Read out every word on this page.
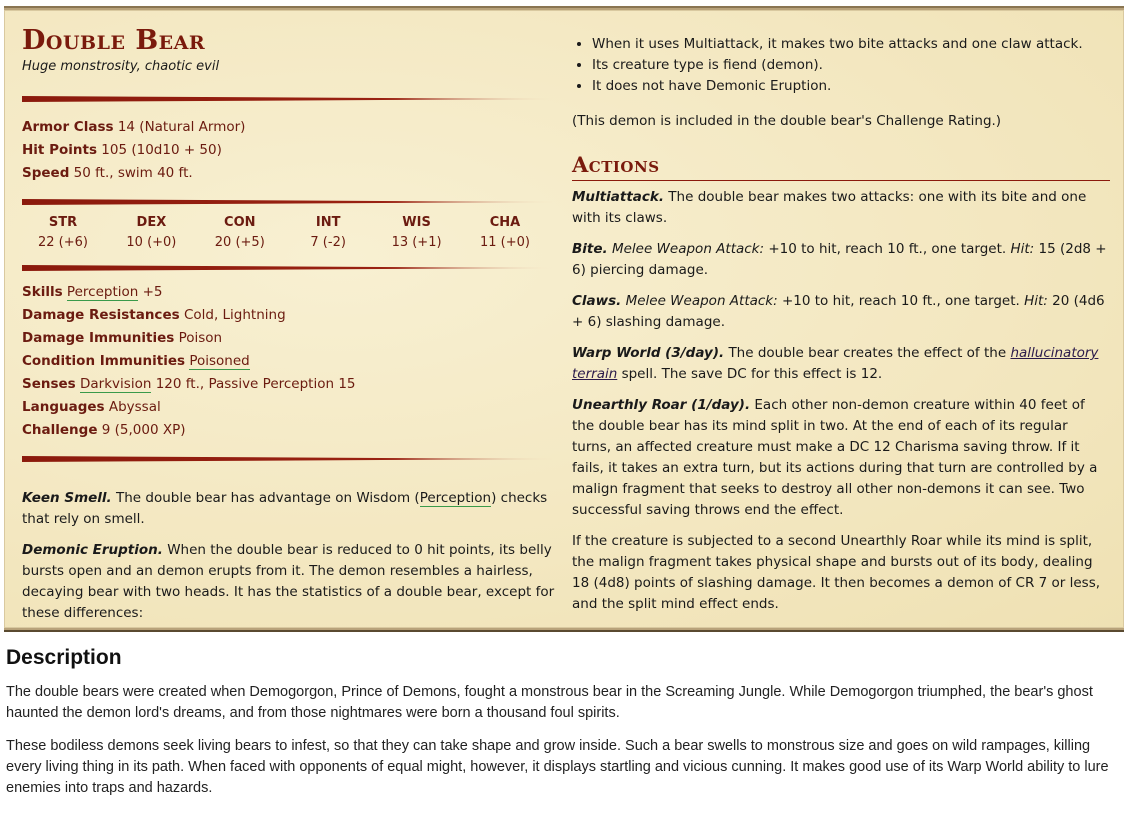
Double Bear
Huge monstrosity, chaotic evil
Armor Class 14 (Natural Armor)
Hit Points 105 (10d10 + 50)
Speed 50 ft., swim 40 ft.
STR
22 (+6)
DEX
10 (+0)
CON
20 (+5)
INT
7 (-2)
WIS
13 (+1)
CHA
11 (+0)
Skills Perception +5
Damage Resistances Cold, Lightning
Damage Immunities Poison
Condition Immunities Poisoned
Senses Darkvision 120 ft., Passive Perception 15
Languages Abyssal
Challenge 9 (5,000 XP)

Keen Smell. The double bear has advantage on Wisdom (Perception) checks that rely on smell.

Demonic Eruption. When the double bear is reduced to 0 hit points, its belly bursts open and an demon erupts from it. The demon resembles a hairless, decaying bear with two heads. It has the statistics of a double bear, except for these differences:

• When it uses Multiattack, it makes two bite attacks and one claw attack.
• Its creature type is fiend (demon).
• It does not have Demonic Eruption.

(This demon is included in the double bear's Challenge Rating.)

Actions

Multiattack. The double bear makes two attacks: one with its bite and one with its claws.

Bite. Melee Weapon Attack: +10 to hit, reach 10 ft., one target. Hit: 15 (2d8 + 6) piercing damage.

Claws. Melee Weapon Attack: +10 to hit, reach 10 ft., one target. Hit: 20 (4d6 + 6) slashing damage.

Warp World (3/day). The double bear creates the effect of the hallucinatory terrain spell. The save DC for this effect is 12.

Unearthly Roar (1/day). Each other non-demon creature within 40 feet of the double bear has its mind split in two. At the end of each of its regular turns, an affected creature must make a DC 12 Charisma saving throw. If it fails, it takes an extra turn, but its actions during that turn are controlled by a malign fragment that seeks to destroy all other non-demons it can see. Two successful saving throws end the effect.

If the creature is subjected to a second Unearthly Roar while its mind is split, the malign fragment takes physical shape and bursts out of its body, dealing 18 (4d8) points of slashing damage. It then becomes a demon of CR 7 or less, and the split mind effect ends.

Description

The double bears were created when Demogorgon, Prince of Demons, fought a monstrous bear in the Screaming Jungle. While Demogorgon triumphed, the bear's ghost haunted the demon lord's dreams, and from those nightmares were born a thousand foul spirits.

These bodiless demons seek living bears to infest, so that they can take shape and grow inside. Such a bear swells to monstrous size and goes on wild rampages, killing every living thing in its path. When faced with opponents of equal might, however, it displays startling and vicious cunning. It makes good use of its Warp World ability to lure enemies into traps and hazards.
